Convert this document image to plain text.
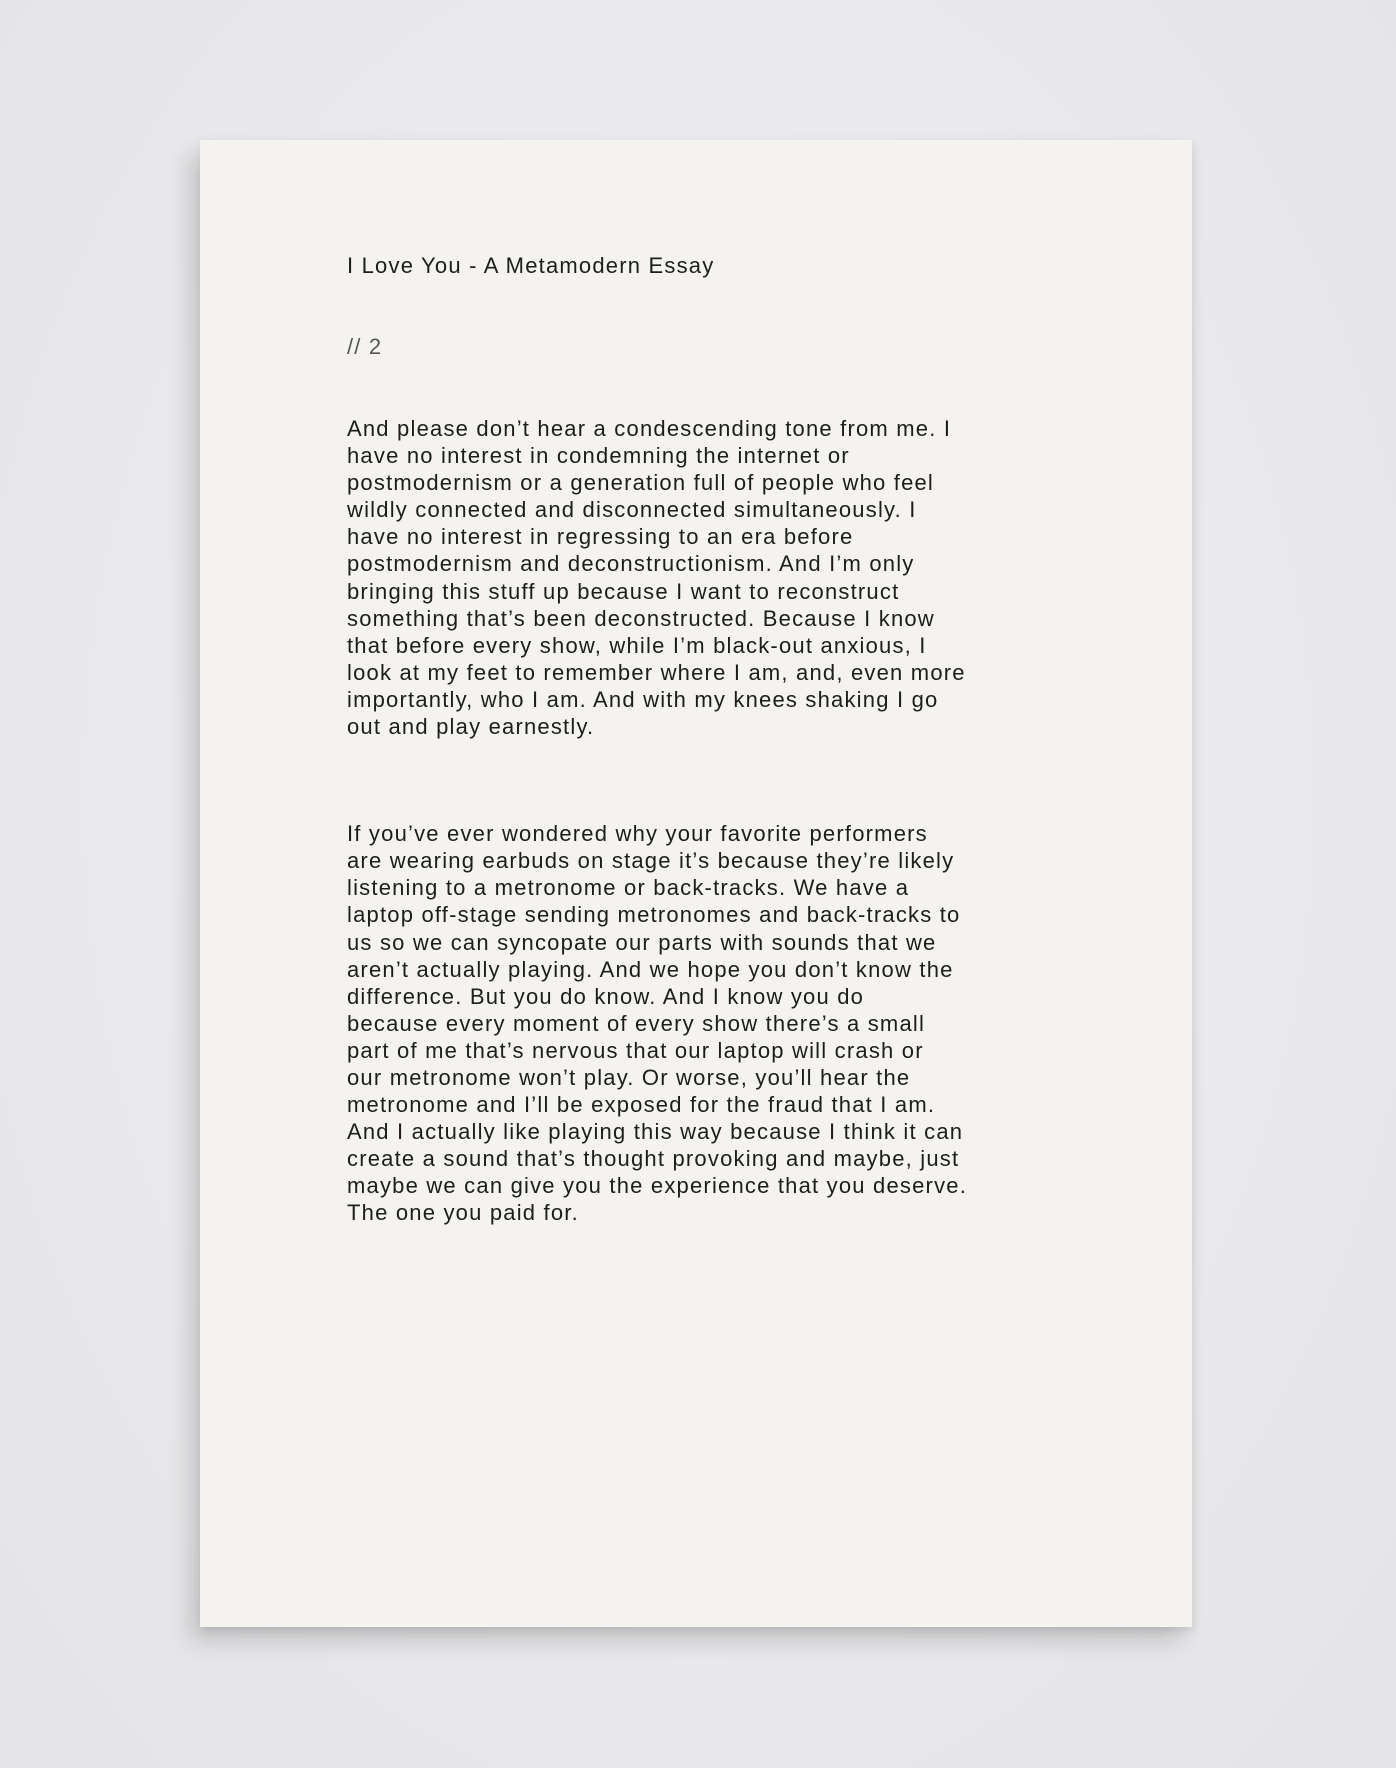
I Love You - A Metamodern Essay
// 2

And please don’t hear a condescending tone from me. I
have no interest in condemning the internet or
postmodernism or a generation full of people who feel
wildly connected and disconnected simultaneously. I
have no interest in regressing to an era before
postmodernism and deconstructionism. And I’m only
bringing this stuff up because I want to reconstruct
something that’s been deconstructed. Because I know
that before every show, while I’m black-out anxious, I
look at my feet to remember where I am, and, even more
importantly, who I am. And with my knees shaking I go
out and play earnestly.

If you’ve ever wondered why your favorite performers
are wearing earbuds on stage it’s because they’re likely
listening to a metronome or back-tracks. We have a
laptop off-stage sending metronomes and back-tracks to
us so we can syncopate our parts with sounds that we
aren’t actually playing. And we hope you don’t know the
difference. But you do know. And I know you do
because every moment of every show there’s a small
part of me that’s nervous that our laptop will crash or
our metronome won’t play. Or worse, you’ll hear the
metronome and I’ll be exposed for the fraud that I am.
And I actually like playing this way because I think it can
create a sound that’s thought provoking and maybe, just
maybe we can give you the experience that you deserve.
The one you paid for.
